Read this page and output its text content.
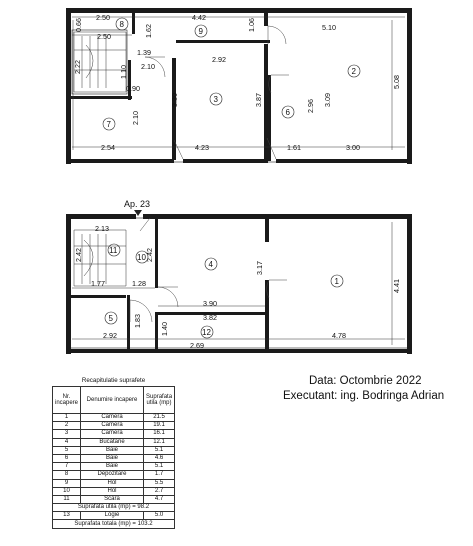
2.50	4.42
0.66
2.50	1.62	1.06	5.10
1.39
2.22	2.10
2.92
1.10
0.90
3.30	3.87	2.96 3.09
5.08
2.10
2.54	4.23	1.61	3.00
8
9
2
3
6
7
Ap. 23
2.13
2.42	2.42
3.17
4.41
1.77	1.28
3.90
3.82
1.83
1.40
2.92
2.69
4.78
11
10
4
1
5
12
Data: Octombrie 2022
Executant: ing. Bodringa Adrian
Recapitulatie suprafete
Nr. incapere	Denumire incapere	Suprafata utila (mp)
1	Camera	21.5
2	Camera	19.1
3	Camera	16.1
4	Bucatarie	12.1
5	Baie	5.1
6	Baie	4.6
7	Baie	5.1
8	Depozitare	1.7
9	Hol	5.5
10	Hol	2.7
11	Scara	4.7
Suprafata utila (mp) = 98.2		
13	Logie	5.0
Suprafata totala (mp) = 103.2		
